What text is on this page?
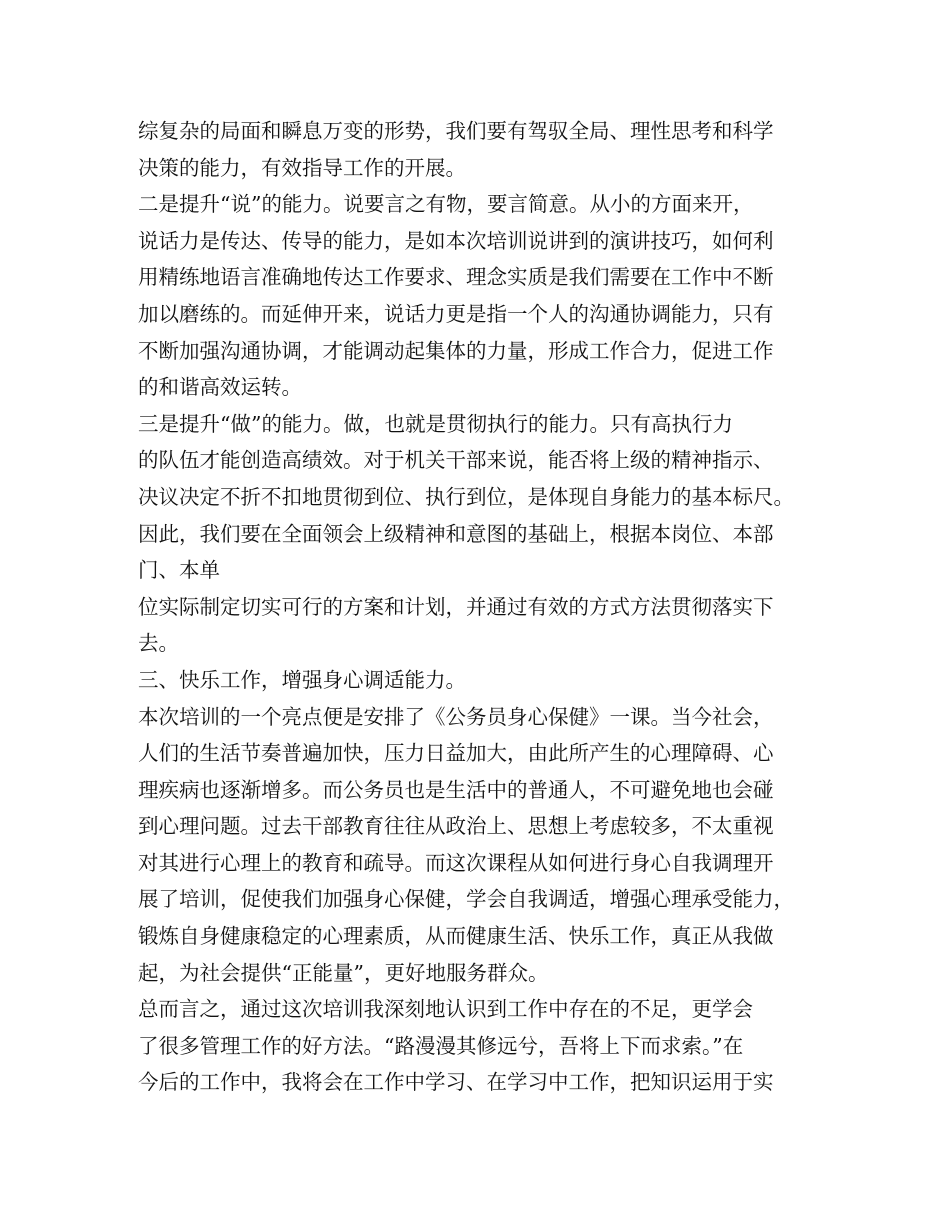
综复杂的局面和瞬息万变的形势，我们要有驾驭全局、理性思考和科学
决策的能力，有效指导工作的开展。
二是提升“说”的能力。说要言之有物，要言简意。从小的方面来开，
说话力是传达、传导的能力，是如本次培训说讲到的演讲技巧，如何利
用精练地语言准确地传达工作要求、理念实质是我们需要在工作中不断
加以磨练的。而延伸开来，说话力更是指一个人的沟通协调能力，只有
不断加强沟通协调，才能调动起集体的力量，形成工作合力，促进工作
的和谐高效运转。
三是提升“做”的能力。做，也就是贯彻执行的能力。只有高执行力
的队伍才能创造高绩效。对于机关干部来说，能否将上级的精神指示、
决议决定不折不扣地贯彻到位、执行到位，是体现自身能力的基本标尺。
因此，我们要在全面领会上级精神和意图的基础上，根据本岗位、本部
门、本单
位实际制定切实可行的方案和计划，并通过有效的方式方法贯彻落实下
去。
三、快乐工作，增强身心调适能力。
本次培训的一个亮点便是安排了《公务员身心保健》一课。当今社会，
人们的生活节奏普遍加快，压力日益加大，由此所产生的心理障碍、心
理疾病也逐渐增多。而公务员也是生活中的普通人，不可避免地也会碰
到心理问题。过去干部教育往往从政治上、思想上考虑较多，不太重视
对其进行心理上的教育和疏导。而这次课程从如何进行身心自我调理开
展了培训，促使我们加强身心保健，学会自我调适，增强心理承受能力，
锻炼自身健康稳定的心理素质，从而健康生活、快乐工作，真正从我做
起，为社会提供“正能量”，更好地服务群众。
总而言之，通过这次培训我深刻地认识到工作中存在的不足，更学会
了很多管理工作的好方法。“路漫漫其修远兮，吾将上下而求索。”在
今后的工作中，我将会在工作中学习、在学习中工作，把知识运用于实
